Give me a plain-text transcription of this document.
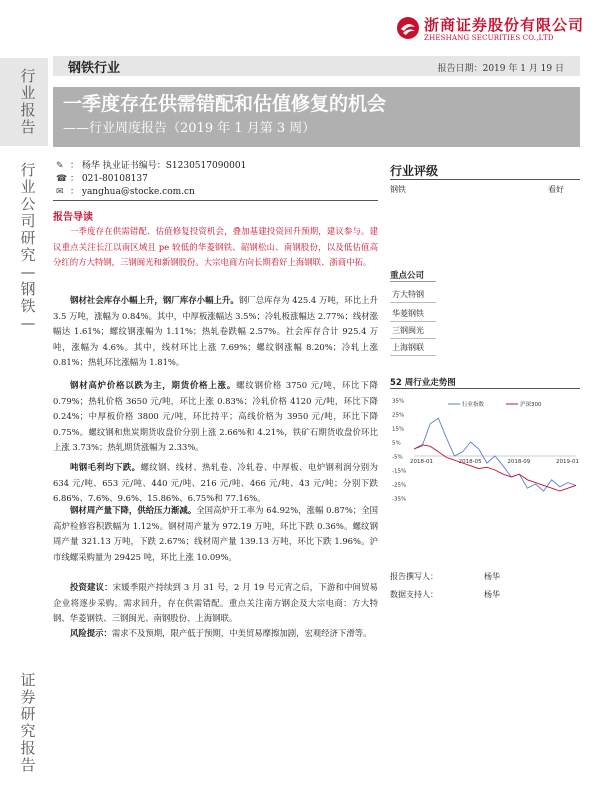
行业报告
行业公司研究—钢铁—
证券研究报告
浙商证券股份有限公司
ZHESHANG SECURITIES CO.,LTD
钢铁行业	报告日期：2019 年 1 月 19 日
一季度存在供需错配和估值修复的机会
——行业周度报告（2019 年 1 月第 3 周）
✎ ： 杨华 执业证书编号：S1230517090001
☎ ： 021-80108137
✉ ： yanghua@stocke.com.cn
行业评级
钢铁	看好
重点公司
方大特钢
华菱钢铁
三钢闽光
上海钢联
52 周行业走势图
35%
25%
15%
5%
-5%
-15%
-25%
-35%
2018-01	2018-05	2018-09	2019-01
行业指数	沪深300
报告撰写人：	杨华
数据支持人：	杨华
报告导读
一季度存在供需错配、估值修复投资机会，叠加基建投资回升预期，建议参与。建议重点关注长江以南区域且 pe 较低的华菱钢铁、韶钢松山、南钢股份，以及低估值高分红的方大特钢，三钢闽光和新钢股份。大宗电商方向长期看好上海钢联、浙商中拓。
钢材社会库存小幅上升，钢厂库存小幅上升。钢厂总库存为 425.4 万吨，环比上升 3.5 万吨，涨幅为 0.84%。其中，中厚板涨幅达 3.5%；冷轧板涨幅达 2.77%；线材涨幅达 1.61%；螺纹钢涨幅为 1.11%；热轧卷跌幅 2.57%。社会库存合计 925.4 万吨，涨幅为 4.6%。其中，线材环比上涨 7.69%；螺纹钢涨幅 8.20%；冷轧上涨 0.81%；热轧环比涨幅为 1.81%。
钢材高炉价格以跌为主，期货价格上涨。螺纹钢价格 3750 元/吨，环比下降 0.79%；热轧价格 3650 元/吨，环比上涨 0.83%；冷轧价格 4120 元/吨，环比下降 0.24%；中厚板价格 3800 元/吨，环比持平；高线价格为 3950 元/吨，环比下降 0.75%。螺纹钢和焦炭期货收盘价分别上涨 2.66%和 4.21%，铁矿石期货收盘价环比上涨 3.73%；热轧期货涨幅为 2.33%。
吨钢毛利均下跌。螺纹钢、线材、热轧卷、冷轧卷、中厚板、电炉钢利润分别为 634 元/吨、653 元/吨、440 元/吨、216 元/吨、466 元/吨、43 元/吨；分别下跌 6.86%、7.6%、9.6%、15.86%、6.75%和 77.16%。
钢材周产量下降，供给压力渐减。全国高炉开工率为 64.92%，涨幅 0.87%；全国高炉检修容积跌幅为 1.12%。钢材周产量为 972.19 万吨，环比下跌 0.36%。螺纹钢周产量 321.13 万吨，下跌 2.67%；线材周产量 139.13 万吨，环比下跌 1.96%。沪市线螺采购量为 29425 吨，环比上涨 10.09%。
投资建议：宋媛季限产持续到 3 月 31 号，2 月 19 号元宵之后，下游和中间贸易企业将逐步采购。需求回升，存在供需错配。重点关注南方钢企及大宗电商：方大特钢、华菱钢铁、三钢闽光、南钢股份、上海钢联。
风险提示：需求不及预期，限产低于预期，中美贸易摩擦加剧，宏观经济下滑等。
